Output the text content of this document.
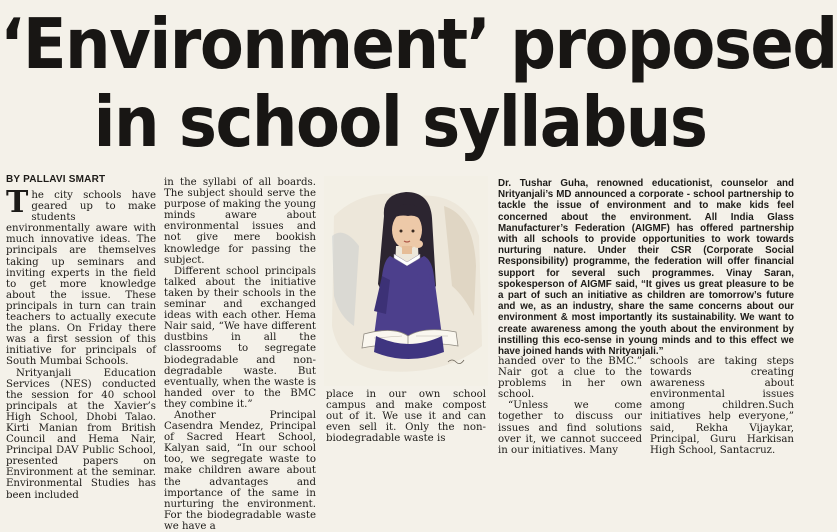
‘Environment’ proposed
in school syllabus
BY PALLAVI SMART

T he city schools have geared up to make students environmentally aware with much innovative ideas. The principals are themselves taking up seminars and inviting experts in the field to get more knowledge about the issue. These principals in turn can train teachers to actually execute the plans. On Friday there was a first session of this initiative for principals of South Mumbai Schools.

Nrityanjali Education Services (NES) conducted the session for 40 school principals at the Xavier’s High School, Dhobi Talao. Kirti Manian from British Council and Hema Nair, Principal DAV Public School, presented papers on Environment at the seminar. Environmental Studies has been included

in the syllabi of all boards. The subject should serve the purpose of making the young minds aware about environmental issues and not give mere bookish knowledge for passing the subject.

Different school principals talked about the initiative taken by their schools in the seminar and exchanged ideas with each other. Hema Nair said, “We have different dustbins in all the classrooms to segregate biodegradable and non-degradable waste. But eventually, when the waste is handed over to the BMC they combine it.”

Another Principal Casendra Mendez, Principal of Sacred Heart School, Kalyan said, “In our school too, we segregate waste to make children aware about the advantages and importance of the same in nurturing the environment. For the biodegradable waste we have a

place in our own school campus and make compost out of it. We use it and can even sell it. Only the non-biodegradable waste is

Dr. Tushar Guha, renowned educationist, counselor and Nrityanjali’s MD announced a corporate - school partnership to tackle the issue of environment and to make kids feel concerned about the environment. All India Glass Manufacturer’s Federation (AIGMF) has offered partnership with all schools to provide opportunities to work towards nurturing nature. Under their CSR (Corporate Social Responsibility) programme, the federation will offer financial support for several such programmes. Vinay Saran, spokesperson of AIGMF said, “It gives us great pleasure to be a part of such an initiative as children are tomorrow’s future and we, as an industry, share the same concerns about our environment & most importantly its sustainability. We want to create awareness among the youth about the environment by instilling this eco-sense in young minds and to this effect we have joined hands with Nrityanjali.”

handed over to the BMC.” Nair got a clue to the problems in her own school.

“Unless we come together to discuss our issues and find solutions over it, we cannot succeed in our initiatives. Many

schools are taking steps towards creating awareness about environmental issues among children.Such initiatives help everyone,” said, Rekha Vijaykar, Principal, Guru Harkisan High School, Santacruz.
